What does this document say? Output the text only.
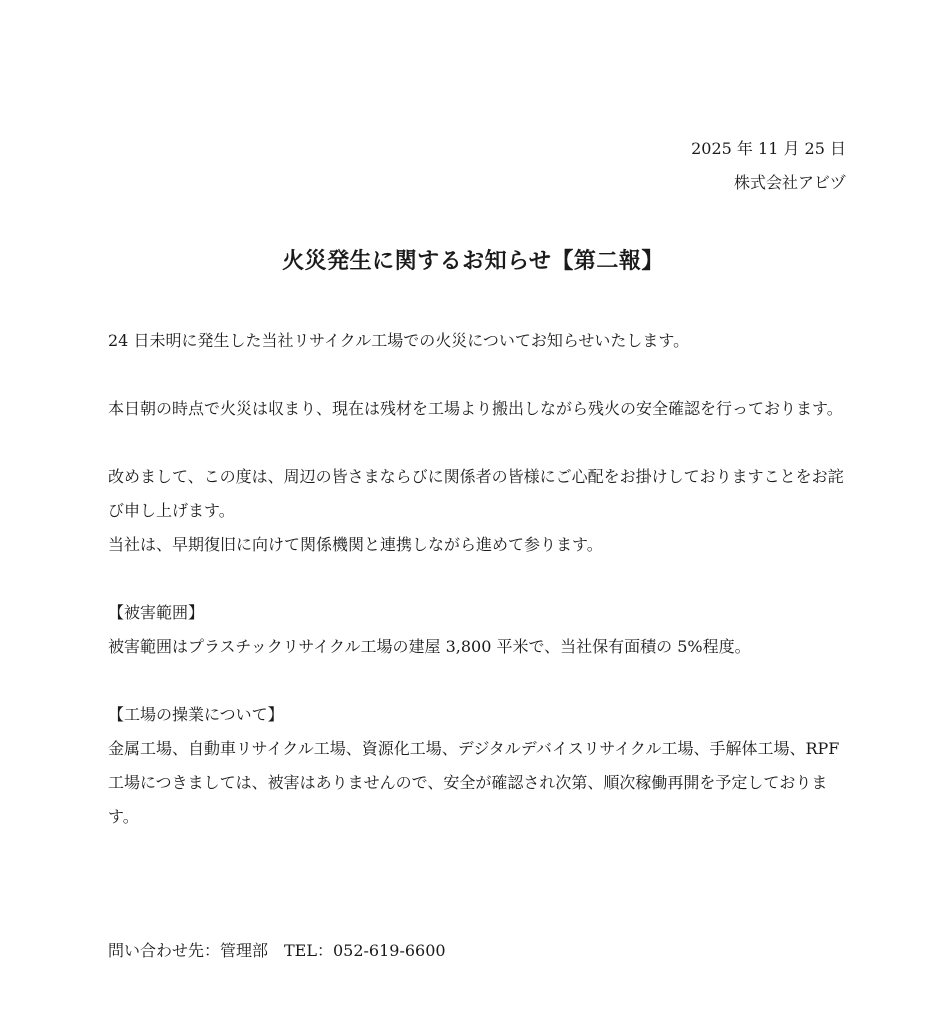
2025 年 11 月 25 日
株式会社アビヅ
火災発生に関するお知らせ【第二報】

24 日未明に発生した当社リサイクル工場での火災についてお知らせいたします。

本日朝の時点で火災は収まり、現在は残材を工場より搬出しながら残火の安全確認を行っております。

改めまして、この度は、周辺の皆さまならびに関係者の皆様にご心配をお掛けしておりますことをお詫び申し上げます。

当社は、早期復旧に向けて関係機関と連携しながら進めて参ります。

【被害範囲】

被害範囲はプラスチックリサイクル工場の建屋 3,800 平米で、当社保有面積の 5%程度。

【工場の操業について】

金属工場、自動車リサイクル工場、資源化工場、デジタルデバイスリサイクル工場、手解体工場、RPF 工場につきましては、被害はありませんので、安全が確認され次第、順次稼働再開を予定しております。

問い合わせ先：管理部　TEL：052-619-6600
